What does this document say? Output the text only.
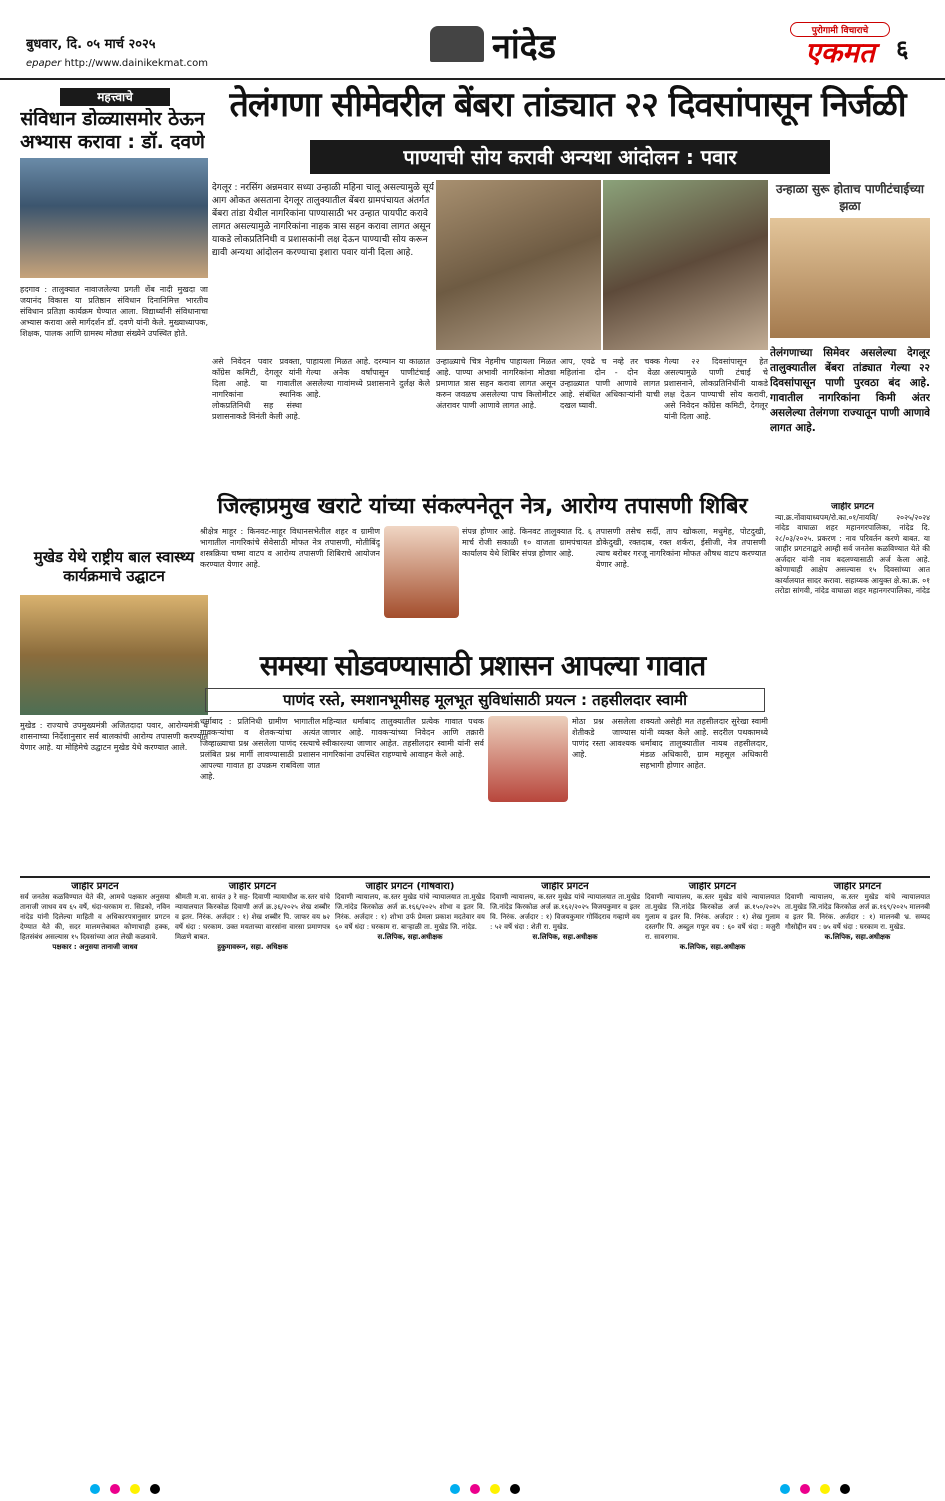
बुधवार, दि. ०५ मार्च २०२५
epaper http://www.dainikekmat.com	नांदेड	पुरोगामी विचाराचे
एकमत ६
महत्त्वाचे
संविधान डोळ्यासमोर ठेऊन अभ्यास करावा : डॉ. दवणे
हदगाव : तालुक्यात नावाजलेल्या प्रगती शेंब नादी मुखदा जा जयानंद विकास या प्रतिष्ठान संविधान दिनानिमित्त भारतीय संविधान प्रतिज्ञा कार्यक्रम घेण्यात आला. विद्यार्थ्यांनी संविधानाचा अभ्यास करावा असे मार्गदर्शन डॉ. दवणे यांनी केले. मुख्याध्यापक, शिक्षक, पालक आणि ग्रामस्थ मोठ्या संख्येने उपस्थित होते.
मुखेड येथे राष्ट्रीय बाल स्वास्थ्य कार्यक्रमाचे उद्घाटन
मुखेड : राज्याचे उपमुख्यमंत्री अजितदादा पवार, आरोग्यमंत्री व शासनाच्या निर्देशानुसार सर्व बालकांची आरोग्य तपासणी करण्यात येणार आहे. या मोहिमेचे उद्घाटन मुखेड येथे करण्यात आले.
तेलंगणा सीमेवरील बेंबरा तांड्यात २२ दिवसांपासून निर्जळी
पाण्याची सोय करावी अन्यथा आंदोलन : पवार
देगलूर : नरसिंग अन्नमवार सध्या उन्हाळी महिना चालू असल्यामुळे सूर्य आग ओकत असताना देगलूर तालुक्यातील बेंबरा ग्रामपंचायत अंतर्गत बेंबरा तांडा येथील नागरिकांना पाण्यासाठी भर उन्हात पायपीट करावे लागत असल्यामुळे नागरिकांना नाहक त्रास सहन करावा लागत असून याकडे लोकप्रतिनिधी व प्रशासकांनी लक्ष देऊन पाण्याची सोय करून द्यावी अन्यथा आंदोलन करण्याचा इशारा पवार यांनी दिला आहे.
उन्हाळा सुरू होताच पाणीटंचाईच्या झळा
तेलंगणाच्या सिमेवर असलेल्या देगलूर तालुक्यातील बेंबरा तांड्यात गेल्या २२ दिवसांपासून पाणी पुरवठा बंद आहे. गावातील नागरिकांना किमी अंतर असलेल्या तेलंगणा राज्यातून पाणी आणावे लागत आहे.
असे निवेदन पवार प्रवक्ता, काँग्रेस कमिटी, देगलूर यांनी दिला आहे. या गावातील नागरिकांना स्थानिक लोकप्रतिनिधी सह संस्था प्रशासनाकडे विनंती केली आहे.
पाहायला मिळत आहे. दरम्यान या काळात गेल्या अनेक वर्षांपासून पाणीटंचाई असलेल्या गावांमध्ये प्रशासनाने दुर्लक्ष केले आहे.
उन्हाळ्याचे चित्र नेहमीच पाहायला मिळत आहे. पाण्या अभावी नागरिकांना मोठ्या प्रमाणात त्रास सहन करावा लागत असून करुन जवळच असलेल्या पाच किलोमीटर अंतरावर पाणी आणावे लागत आहे.
आप, एवढे च नव्हे तर चक्क महिलांना दोन - दोन वेळा उन्हाळ्यात पाणी आणावे लागत आहे. संबंधित अधिकाऱ्यांनी याची दखल घ्यावी.
गेल्या २२ दिवसांपासून हेत असल्यामुळे पाणी टंचाई चे प्रशासनाने, लोकप्रतिनिधींनी याकडे लक्ष देऊन पाण्याची सोय करावी, असे निवेदन काँग्रेस कमिटी, देगलूर यांनी दिला आहे.
जिल्हाप्रमुख खराटे यांच्या संकल्पनेतून नेत्र, आरोग्य तपासणी शिबिर
श्रीक्षेत्र माहूर : किनवट-माहूर विधानसभेतील शहर व ग्रामीण भागातील नागरिकांचे सेवेसाठी मोफत नेत्र तपासणी, मोतीबिंदू शस्त्रक्रिया चष्मा वाटप व आरोग्य तपासणी शिबिराचे आयोजन करण्यात येणार आहे.
संपन्न होणार आहे. किनवट तालुक्यात दि. ६ मार्च रोजी सकाळी १० वाजता ग्रामपंचायत कार्यालय येथे शिबिर संपन्न होणार आहे.
तपासणी तसेच सर्दी, ताप खोकला, मधुमेह, पोटदुखी, डोकेदुखी, रक्तदाब, रक्त शर्करा, ईसीजी, नेत्र तपासणी त्याच बरोबर गरजू नागरिकांना मोफत औषध वाटप करण्यात येणार आहे.
जाहीर प्रगटन
न्या.क्र.नोंवायाध्यपम/रो.का.०१/नायवि/ २०२५/२०२४ नांदेड वाघाळा शहर महानगरपालिका, नांदेड दि. २८/०३/२०२५. प्रकरण : नाव परिवर्तन करणे बाबत. या जाहीर प्रगटनाद्वारे आम्ही सर्व जनतेस कळविण्यात येते की अर्जदार यांनी नाव बदलण्यासाठी अर्ज केला आहे. कोणाचाही आक्षेप असल्यास १५ दिवसांच्या आत कार्यालयात सादर करावा. सहाय्यक आयुक्त क्षे.का.क्र. ०१ तरोडा सांगवी, नांदेड वाघाळा शहर महानगरपालिका, नांदेड
समस्या सोडवण्यासाठी प्रशासन आपल्या गावात
पाणंद रस्ते, स्मशानभूमीसह मूलभूत सुविधांसाठी प्रयत्न : तहसीलदार स्वामी
धर्माबाद : प्रतिनिधी ग्रामीण भागातील गावकऱ्यांचा व शेतकऱ्यांचा अत्यंत जिव्हाळ्याचा प्रश्न असलेला पाणंद रस्त्याचे प्रलंबित प्रश्न मार्गी लावण्यासाठी प्रशासन आपल्या गावात हा उपक्रम राबविला जात आहे.
महिन्यात धर्माबाद तालुक्यातील प्रत्येक गावात पथक जाणार आहे. गावकऱ्यांच्या निवेदन आणि तक्रारी स्वीकारल्या जाणार आहेत. तहसीलदार स्वामी यांनी सर्व नागरिकांना उपस्थित राहण्याचे आवाहन केले आहे.
मोठा प्रश्न असलेला शेतीकडे जाण्यास पाणंद रस्ता आवश्यक आहे.
शक्यतो असेही मत तहसीलदार सुरेखा स्वामी यांनी व्यक्त केले आहे. सदरील पथकामध्ये धर्माबाद तालुक्यातील नायब तहसीलदार, मंडळ अधिकारी, ग्राम महसूल अधिकारी सहभागी होणार आहेत.
जाहीर प्रगटन
सर्व जनतेस कळविण्यात येते की, आमचे पक्षकार अनुसया तानाजी जाधव वय ६५ वर्षे, धंदा-घरकाम रा. सिडको, नविन नांदेड यांनी दिलेल्या माहिती व अधिकारपत्रानुसार प्रगटन देण्यात येते की, सदर मालमत्तेबाबत कोणाचाही हक्क, हितसंबंध असल्यास १५ दिवसांच्या आत लेखी कळवावे.
पक्षकार : अनुसया तानाजी जाधव
जाहीर प्रगटन
श्रीमती म.वा. सावंत ३ रे सह- दिवाणी न्यायाधीश क.स्तर यांचे न्यायालयात किरकोळ दिवाणी अर्ज क्र.३६/२०२५ शेख शब्बीर व इतर. निरंक. अर्जदार : १) शेख शब्बीर पि. जाफर वय ७२ वर्षे धंदा : घरकाम. उक्त मयताच्या वारसांना वारसा प्रमाणपत्र मिळणे बाबत.
हुकुमावरून, सहा. अधिक्षक
जाहीर प्रगटन (गोषवारा)
दिवाणी न्यायालय, क.स्तर मुखेड यांचे न्यायालयात ता.मुखेड जि.नांदेड किरकोळ अर्ज क्र.१६६/२०२५ शोभा व इतर वि. निरंक. अर्जदार : १) शोभा उर्फ प्रेमला प्रकाश मदतेवार वय ६० वर्षे धंदा : घरकाम रा. बाऱ्हाळी ता. मुखेड जि. नांदेड.
स.लिपिक, सहा.अधीक्षक
जाहीर प्रगटन
दिवाणी न्यायालय, क.स्तर मुखेड यांचे न्यायालयात ता.मुखेड जि.नांदेड किरकोळ अर्ज क्र.१६२/२०२५ विजयकुमार व इतर वि. निरंक. अर्जदार : १) विजयकुमार गोविंदराव गव्हाणे वय : ५२ वर्षे धंदा : शेती रा. मुखेड.
स.लिपिक, सहा.अधीक्षक
जाहीर प्रगटन
दिवाणी न्यायालय, क.स्तर मुखेड यांचे न्यायालयात ता.मुखेड जि.नांदेड किरकोळ अर्ज क्र.१५०/२०२५ गुलाम व इतर वि. निरंक. अर्जदार : १) शेख गुलाम दस्तगीर पि. अब्दुल गफूर वय : ६० वर्षे धंदा : मजुरी रा. सावरगाव.
क.लिपिक, सहा.अधीक्षक
जाहीर प्रगटन
दिवाणी न्यायालय, क.स्तर मुखेड यांचे न्यायालयात ता.मुखेड जि.नांदेड किरकोळ अर्ज क्र.१६९/२०२५ मालनबी व इतर वि. निरंक. अर्जदार : १) मालनबी भ्र. सय्यद गौसोद्दीन वय : ७५ वर्षे धंदा : घरकाम रा. मुखेड.
क.लिपिक, सहा.अधीक्षक
